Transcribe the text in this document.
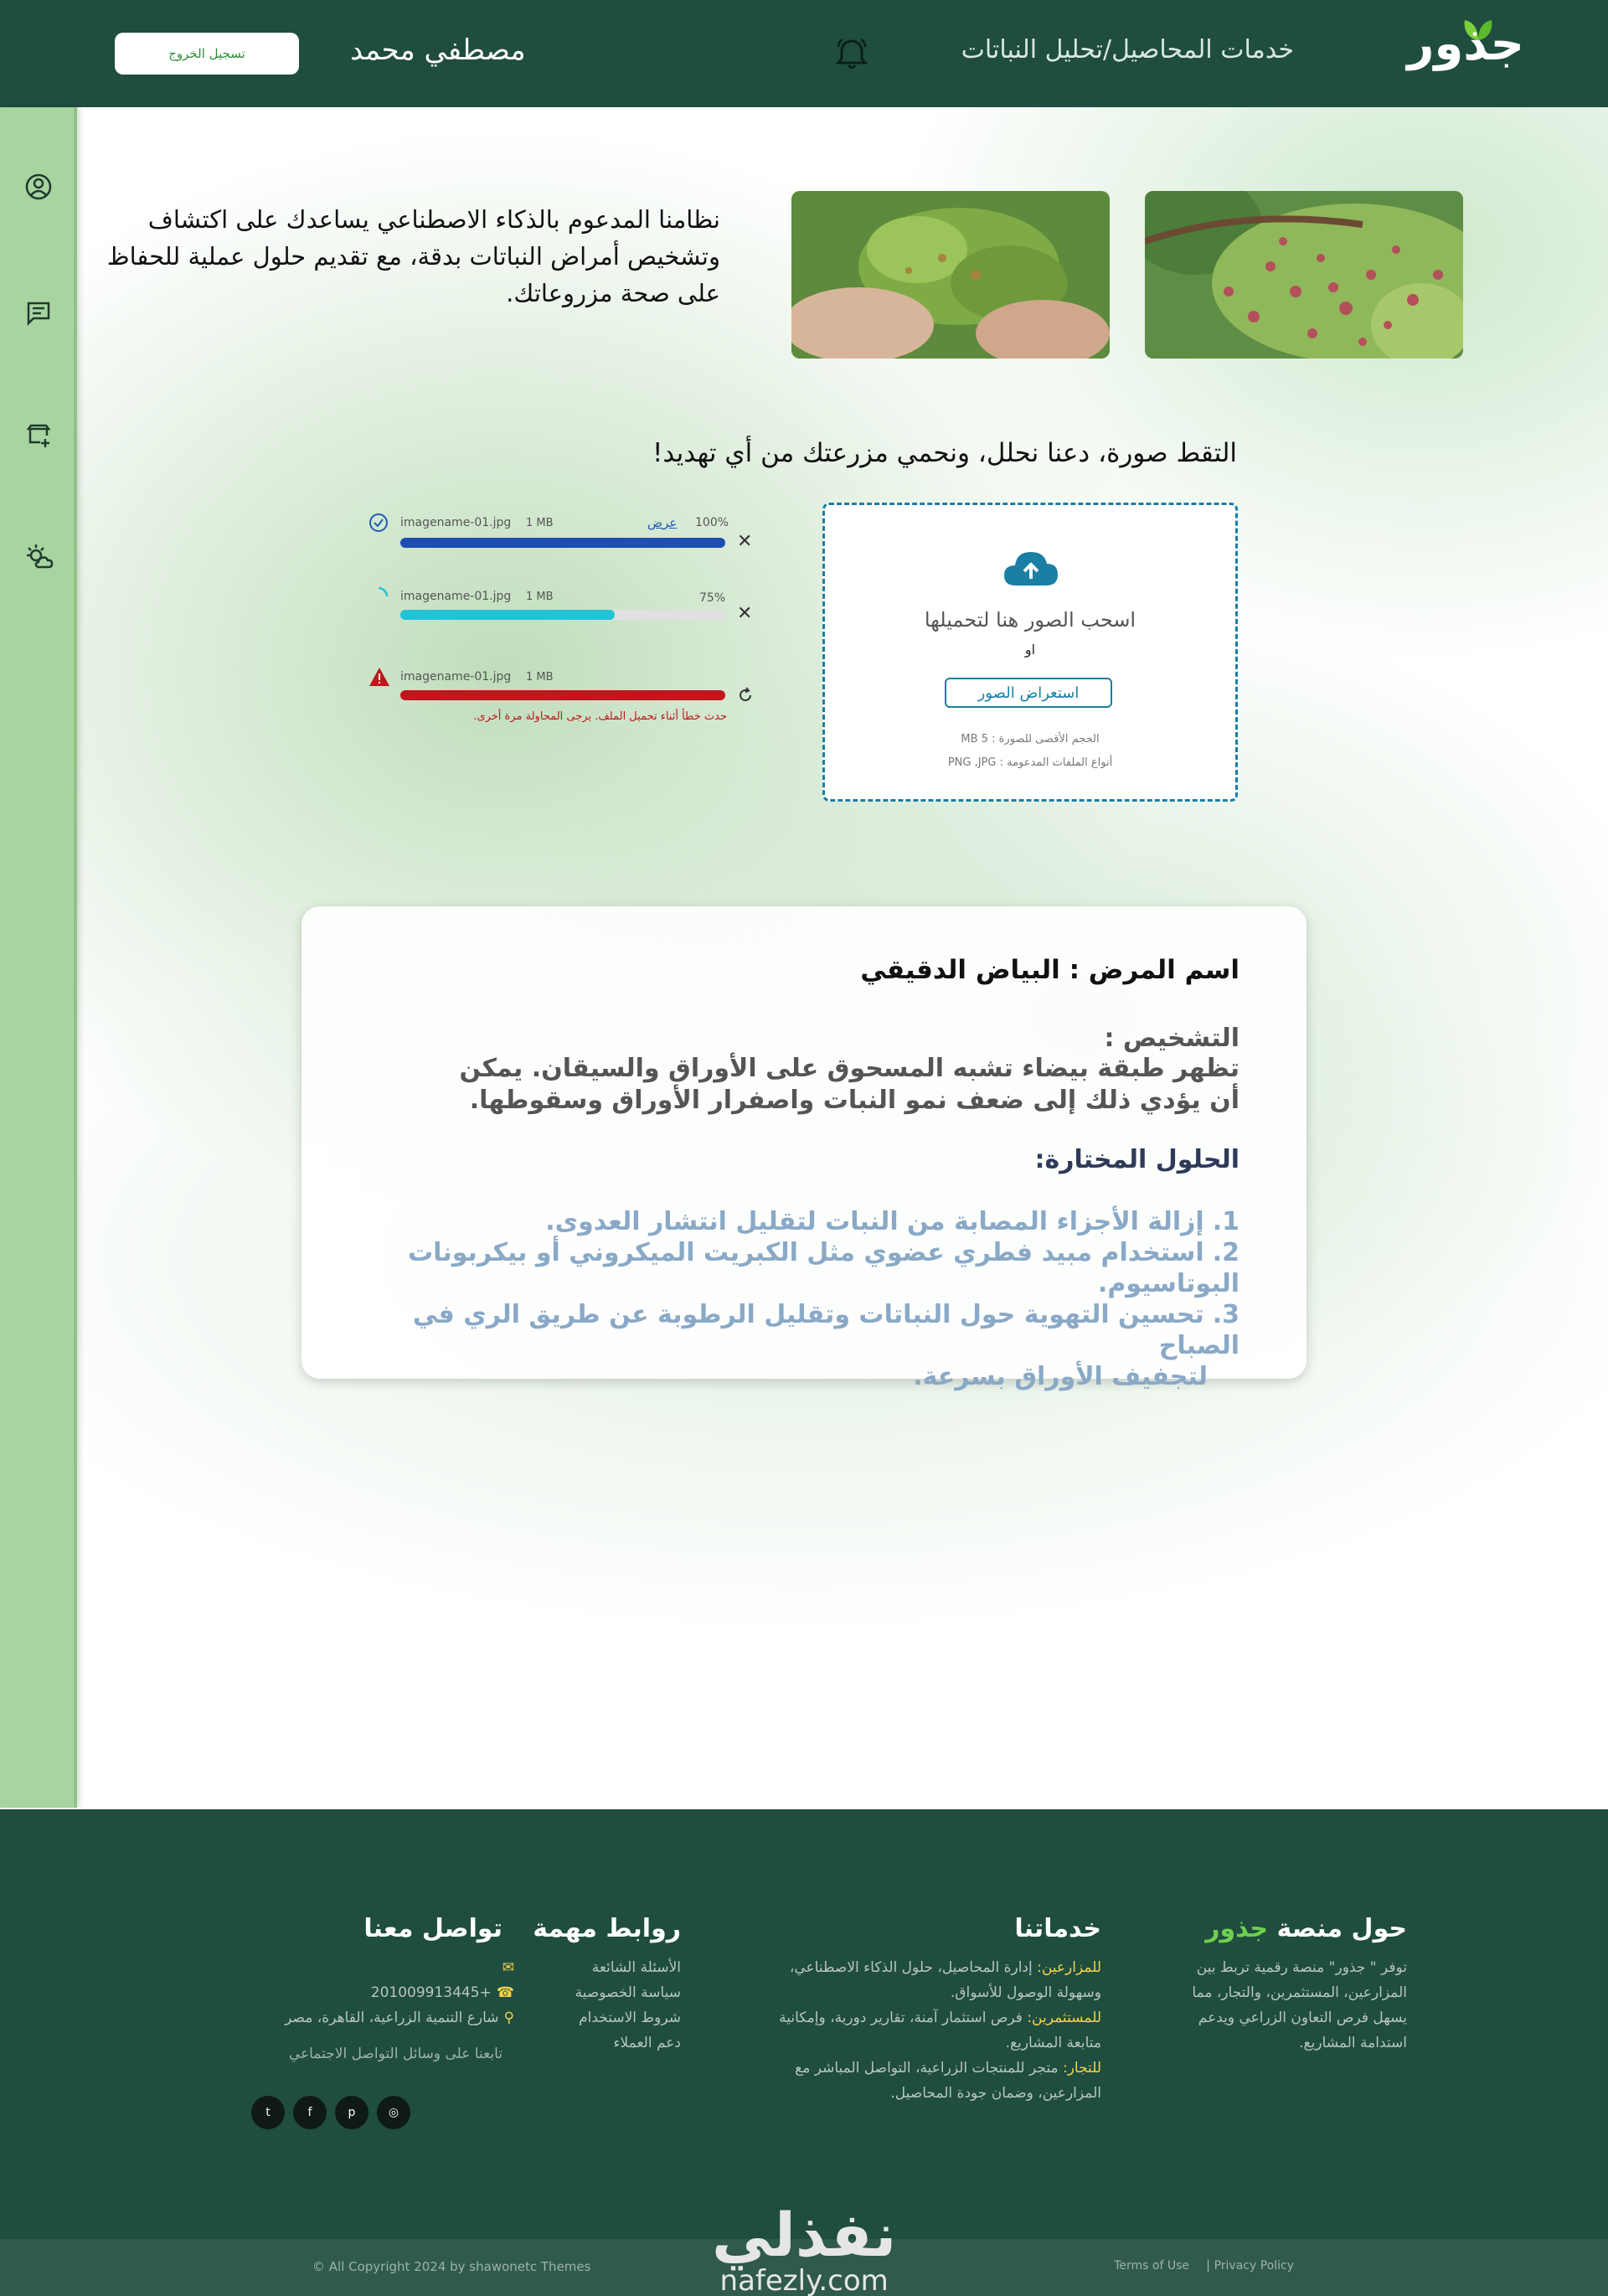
جذور
خدمات المحاصيل/تحليل النباتات
مصطفي محمد
تسجيل الخروج
نظامنا المدعوم بالذكاء الاصطناعي يساعدك على اكتشاف وتشخيص أمراض النباتات بدقة، مع تقديم حلول عملية للحفاظ على صحة مزروعاتك.
التقط صورة، دعنا نحلل، ونحمي مزرعتك من أي تهديد!
اسحب الصور هنا لتحميلها
او
استعراض الصور
الحجم الأقصى للصورة : 5 MB
أنواع الملفات المدعومة : PNG ,JPG
imagename-01.jpg 1 MB	عرض 100%
✕
imagename-01.jpg 1 MB	75%
✕
imagename-01.jpg 1 MB
حدث خطأ أثناء تحميل الملف. يرجى المحاولة مرة أخرى.
اسم المرض : البياض الدقيقي
التشخيص :
تظهر طبقة بيضاء تشبه المسحوق على الأوراق والسيقان. يمكن أن يؤدي ذلك إلى ضعف نمو النبات واصفرار الأوراق وسقوطها.
الحلول المختارة:
1.إزالة الأجزاء المصابة من النبات لتقليل انتشار العدوى.
2.استخدام مبيد فطري عضوي مثل الكبريت الميكروني أو بيكربونات البوتاسيوم.
3.تحسين التهوية حول النباتات وتقليل الرطوبة عن طريق الري في الصباح
لتجفيف الأوراق بسرعة.
حول منصة جذور
توفر " جذور" منصة رقمية تربط بين المزارعين، المستثمرين، والتجار، مما يسهل فرص التعاون الزراعي ويدعم استدامة المشاريع.
خدماتنا
للمزارعين: إدارة المحاصيل، حلول الذكاء الاصطناعي، وسهولة الوصول للأسواق.
للمستثمرين: فرص استثمار آمنة، تقارير دورية، وإمكانية متابعة المشاريع.
للتجار: متجر للمنتجات الزراعية، التواصل المباشر مع المزارعين، وضمان جودة المحاصيل.
روابط مهمة
الأسئلة الشائعة
سياسة الخصوصية
شروط الاستخدام
دعم العملاء
تواصل معنا
✉
☎+201009913445
⚲شارع التنمية الزراعية، القاهرة، مصر
تابعنا على وسائل التواصل الاجتماعي
t	f	p	◎
© All Copyright 2024 by shawonetc Themes	Terms of Use | Privacy Policy
نفذلي
nafezly.com
